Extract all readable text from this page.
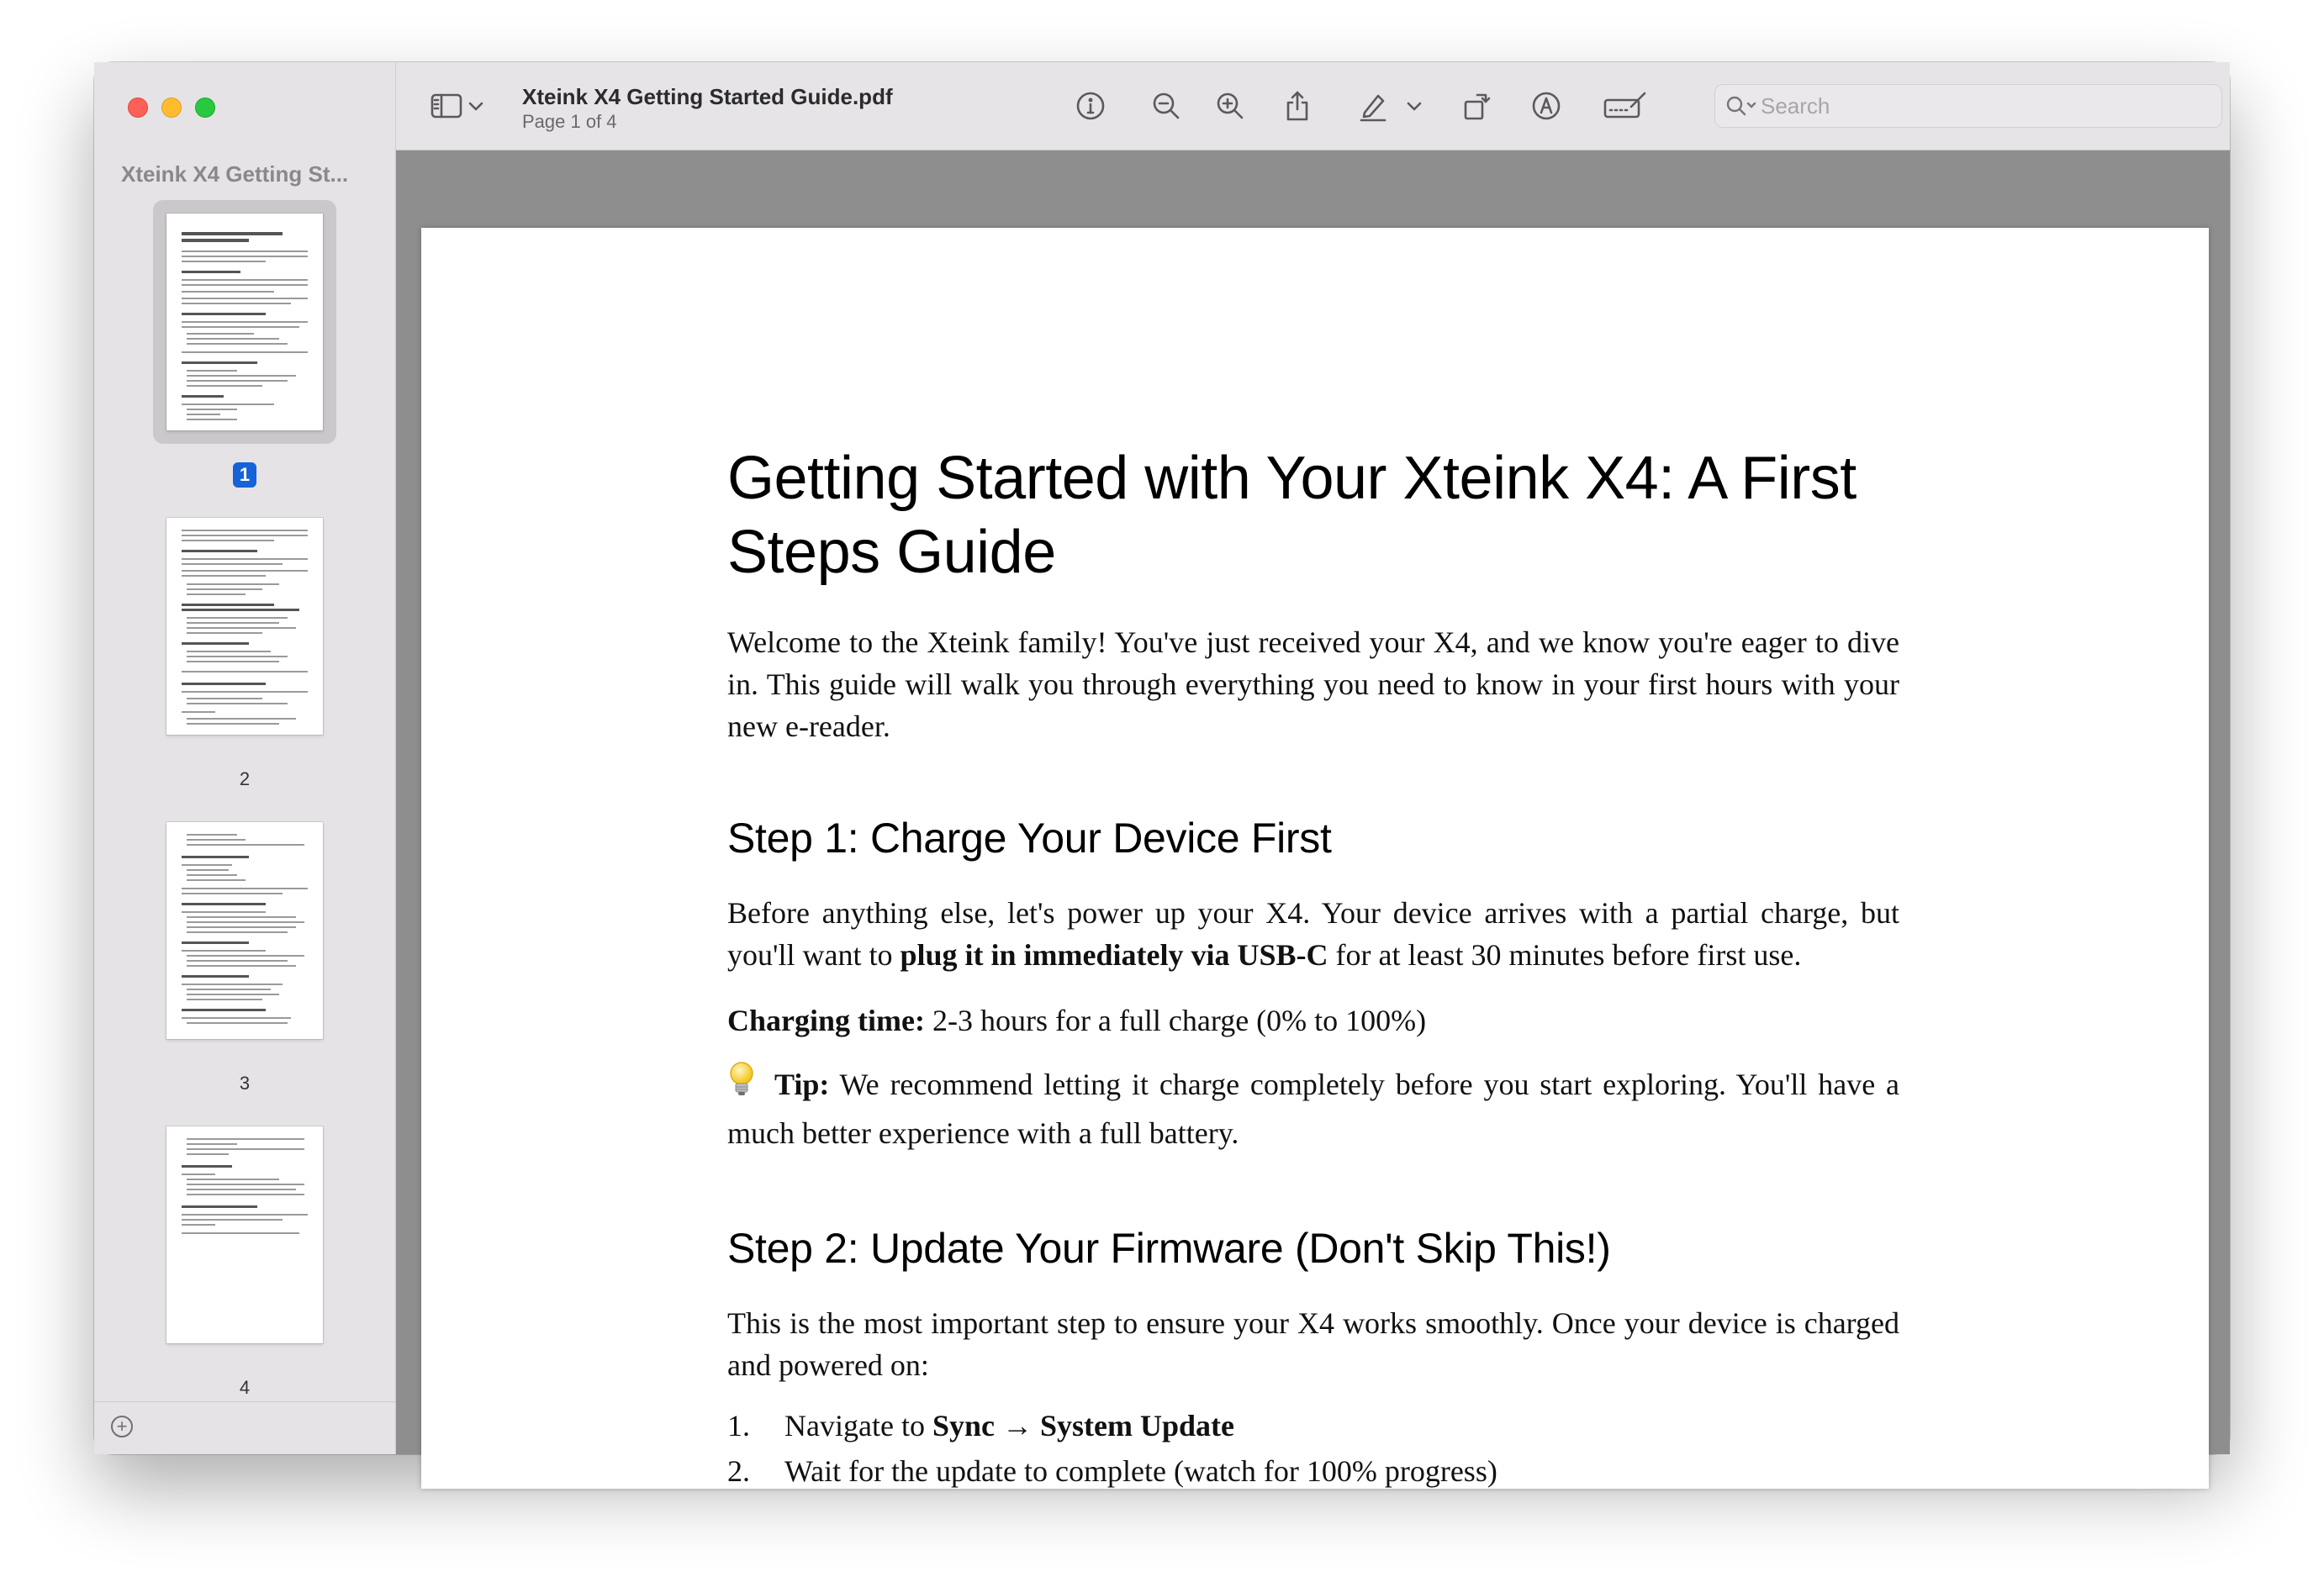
Xteink X4 Getting St...
1
2
3
4
+
Xteink X4 Getting Started Guide.pdf
Page 1 of 4
Search
Getting Started with Your Xteink X4: A First Steps Guide

Welcome to the Xteink family! You've just received your X4, and we know you're eager to dive in. This guide will walk you through everything you need to know in your first hours with your new e-reader.

Step 1: Charge Your Device First

Before anything else, let's power up your X4. Your device arrives with a partial charge, but you'll want to plug it in immediately via USB-C for at least 30 minutes before first use.

Charging time: 2-3 hours for a full charge (0% to 100%)

Tip: We recommend letting it charge completely before you start exploring. You'll have a much better experience with a full battery.

Step 2: Update Your Firmware (Don't Skip This!)

This is the most important step to ensure your X4 works smoothly. Once your device is charged and powered on:

1. Navigate to Sync → System Update
2. Wait for the update to complete (watch for 100% progress)
